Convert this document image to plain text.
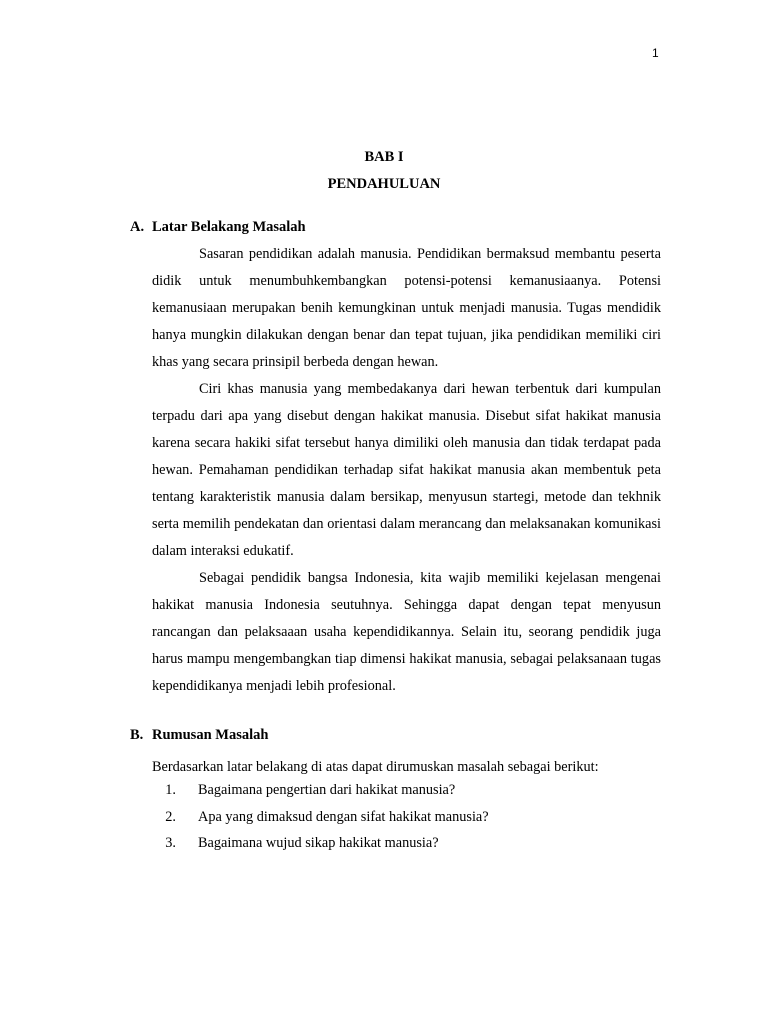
1
BAB I
PENDAHULUAN
A. Latar Belakang Masalah

Sasaran pendidikan adalah manusia. Pendidikan bermaksud membantu peserta didik untuk menumbuhkembangkan potensi-potensi kemanusiaanya. Potensi kemanusiaan merupakan benih kemungkinan untuk menjadi manusia. Tugas mendidik hanya mungkin dilakukan dengan benar dan tepat tujuan, jika pendidikan memiliki ciri khas yang secara prinsipil berbeda dengan hewan.

Ciri khas manusia yang membedakanya dari hewan terbentuk dari kumpulan terpadu dari apa yang disebut dengan hakikat manusia. Disebut sifat hakikat manusia karena secara hakiki sifat tersebut hanya dimiliki oleh manusia dan tidak terdapat pada hewan. Pemahaman pendidikan terhadap sifat hakikat manusia akan membentuk peta tentang karakteristik manusia dalam bersikap, menyusun startegi, metode dan tekhnik serta memilih pendekatan dan orientasi dalam merancang dan melaksanakan komunikasi dalam interaksi edukatif.

Sebagai pendidik bangsa Indonesia, kita wajib memiliki kejelasan mengenai hakikat manusia Indonesia seutuhnya. Sehingga dapat dengan tepat menyusun rancangan dan pelaksaaan usaha kependidikannya. Selain itu, seorang pendidik juga harus mampu mengembangkan tiap dimensi hakikat manusia, sebagai pelaksanaan tugas kependidikanya menjadi lebih profesional.

B. Rumusan Masalah
Berdasarkan latar belakang di atas dapat dirumuskan masalah sebagai berikut:
1. Bagaimana pengertian dari hakikat manusia?
2. Apa yang dimaksud dengan sifat hakikat manusia?
3. Bagaimana wujud sikap hakikat manusia?
